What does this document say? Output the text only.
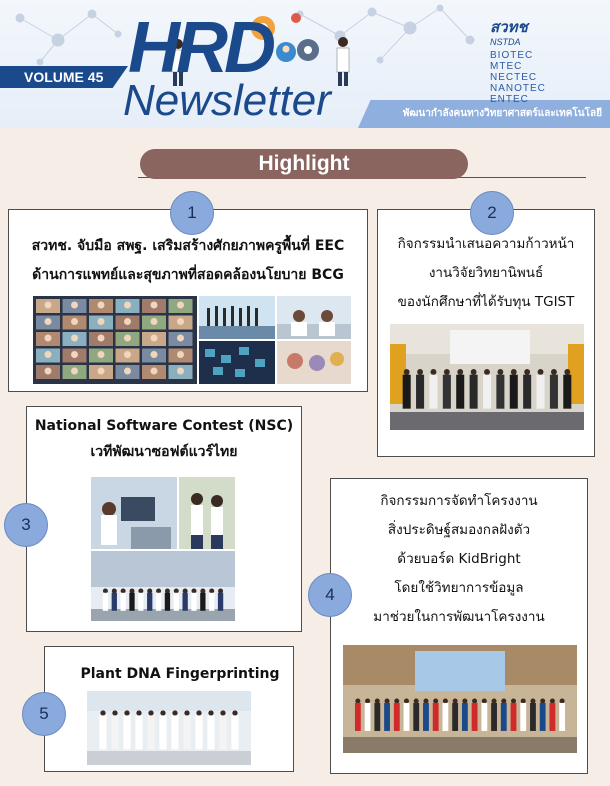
VOLUME 45 HRD
Newsletter	พัฒนากำลังคนทางวิทยาศาสตร์และเทคโนโลยี
สวทช
NSTDA
BIOTEC
MTEC
NECTEC
NANOTEC
ENTEC
Highlight
สวทช. จับมือ สพฐ. เสริมสร้างศักยภาพครูพื้นที่ EEC
ด้านการแพทย์และสุขภาพที่สอดคล้องนโยบาย BCG
1
กิจกรรมนำเสนอความก้าวหน้า
งานวิจัยวิทยานิพนธ์
ของนักศึกษาที่ได้รับทุน TGIST
2
National Software Contest (NSC)
เวทีพัฒนาซอฟต์แวร์ไทย
3
กิจกรรมการจัดทำโครงงาน
สิ่งประดิษฐ์สมองกลฝังตัว
ด้วยบอร์ด KidBright
โดยใช้วิทยาการข้อมูล
มาช่วยในการพัฒนาโครงงาน
4
Plant DNA Fingerprinting
5
